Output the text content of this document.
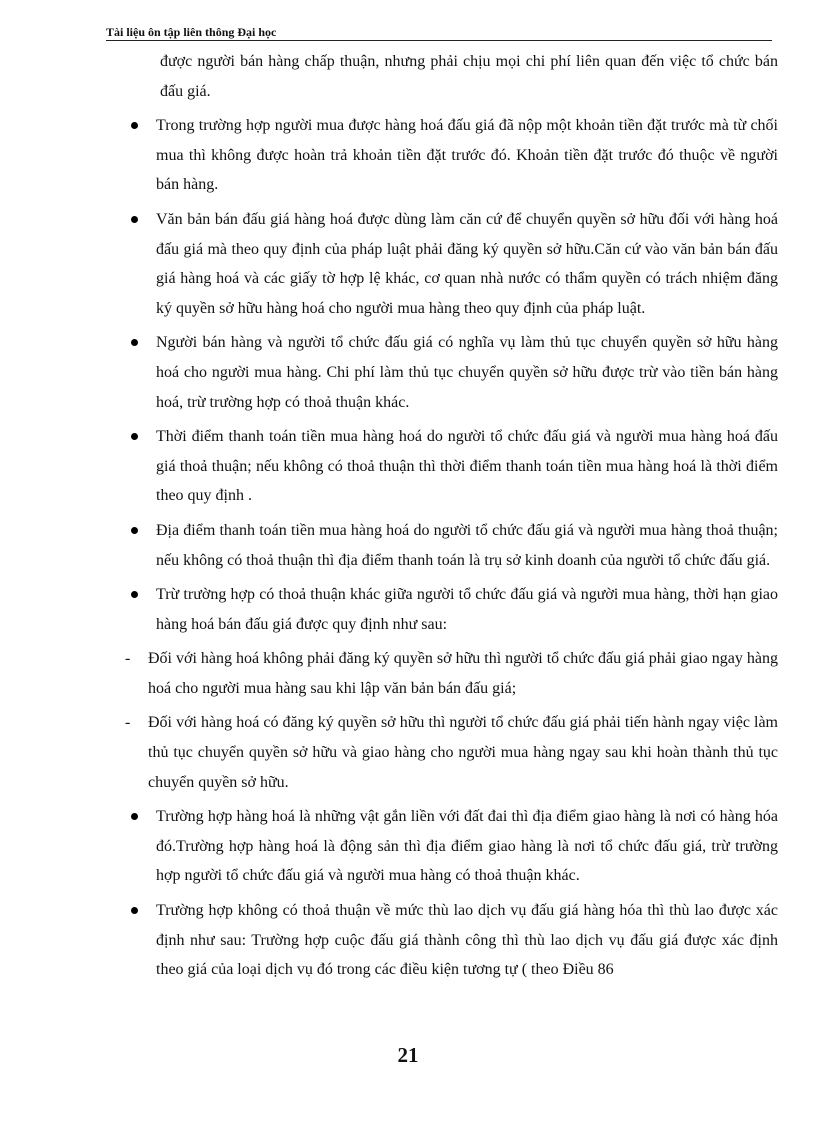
Tài liệu ôn tập liên thông Đại học

được người bán hàng chấp thuận, nhưng phải chịu mọi chi phí liên quan đến việc tổ chức bán đấu giá.

Trong trường hợp người mua được hàng hoá đấu giá đã nộp một khoản tiền đặt trước mà từ chối mua thì không được hoàn trả khoản tiền đặt trước đó. Khoản tiền đặt trước đó thuộc về người bán hàng.
Văn bản bán đấu giá hàng hoá được dùng làm căn cứ để chuyển quyền sở hữu đối với hàng hoá đấu giá mà theo quy định của pháp luật phải đăng ký quyền sở hữu.Căn cứ vào văn bản bán đấu giá hàng hoá và các giấy tờ hợp lệ khác, cơ quan nhà nước có thẩm quyền có trách nhiệm đăng ký quyền sở hữu hàng hoá cho người mua hàng theo quy định của pháp luật.
Người bán hàng và người tổ chức đấu giá có nghĩa vụ làm thủ tục chuyển quyền sở hữu hàng hoá cho người mua hàng. Chi phí làm thủ tục chuyển quyền sở hữu được trừ vào tiền bán hàng hoá, trừ trường hợp có thoả thuận khác.
Thời điểm thanh toán tiền mua hàng hoá do người tổ chức đấu giá và người mua hàng hoá đấu giá thoả thuận; nếu không có thoả thuận thì thời điểm thanh toán tiền mua hàng hoá là thời điểm theo quy định .
Địa điểm thanh toán tiền mua hàng hoá do người tổ chức đấu giá và người mua hàng thoả thuận; nếu không có thoả thuận thì địa điểm thanh toán là trụ sở kinh doanh của người tổ chức đấu giá.
Trừ trường hợp có thoả thuận khác giữa người tổ chức đấu giá và người mua hàng, thời hạn giao hàng hoá bán đấu giá được quy định như sau:
- Đối với hàng hoá không phải đăng ký quyền sở hữu thì người tổ chức đấu giá phải giao ngay hàng hoá cho người mua hàng sau khi lập văn bản bán đấu giá;
- Đối với hàng hoá có đăng ký quyền sở hữu thì người tổ chức đấu giá phải tiến hành ngay việc làm thủ tục chuyển quyền sở hữu và giao hàng cho người mua hàng ngay sau khi hoàn thành thủ tục chuyển quyền sở hữu.
Trường hợp hàng hoá là những vật gắn liền với đất đai thì địa điểm giao hàng là nơi có hàng hóa đó.Trường hợp hàng hoá là động sản thì địa điểm giao hàng là nơi tổ chức đấu giá, trừ trường hợp người tổ chức đấu giá và người mua hàng có thoả thuận khác.
Trường hợp không có thoả thuận về mức thù lao dịch vụ đấu giá hàng hóa thì thù lao được xác định như sau: Trường hợp cuộc đấu giá thành công thì thù lao dịch vụ đấu giá được xác định theo giá của loại dịch vụ đó trong các điều kiện tương tự ( theo Điều 86
21
